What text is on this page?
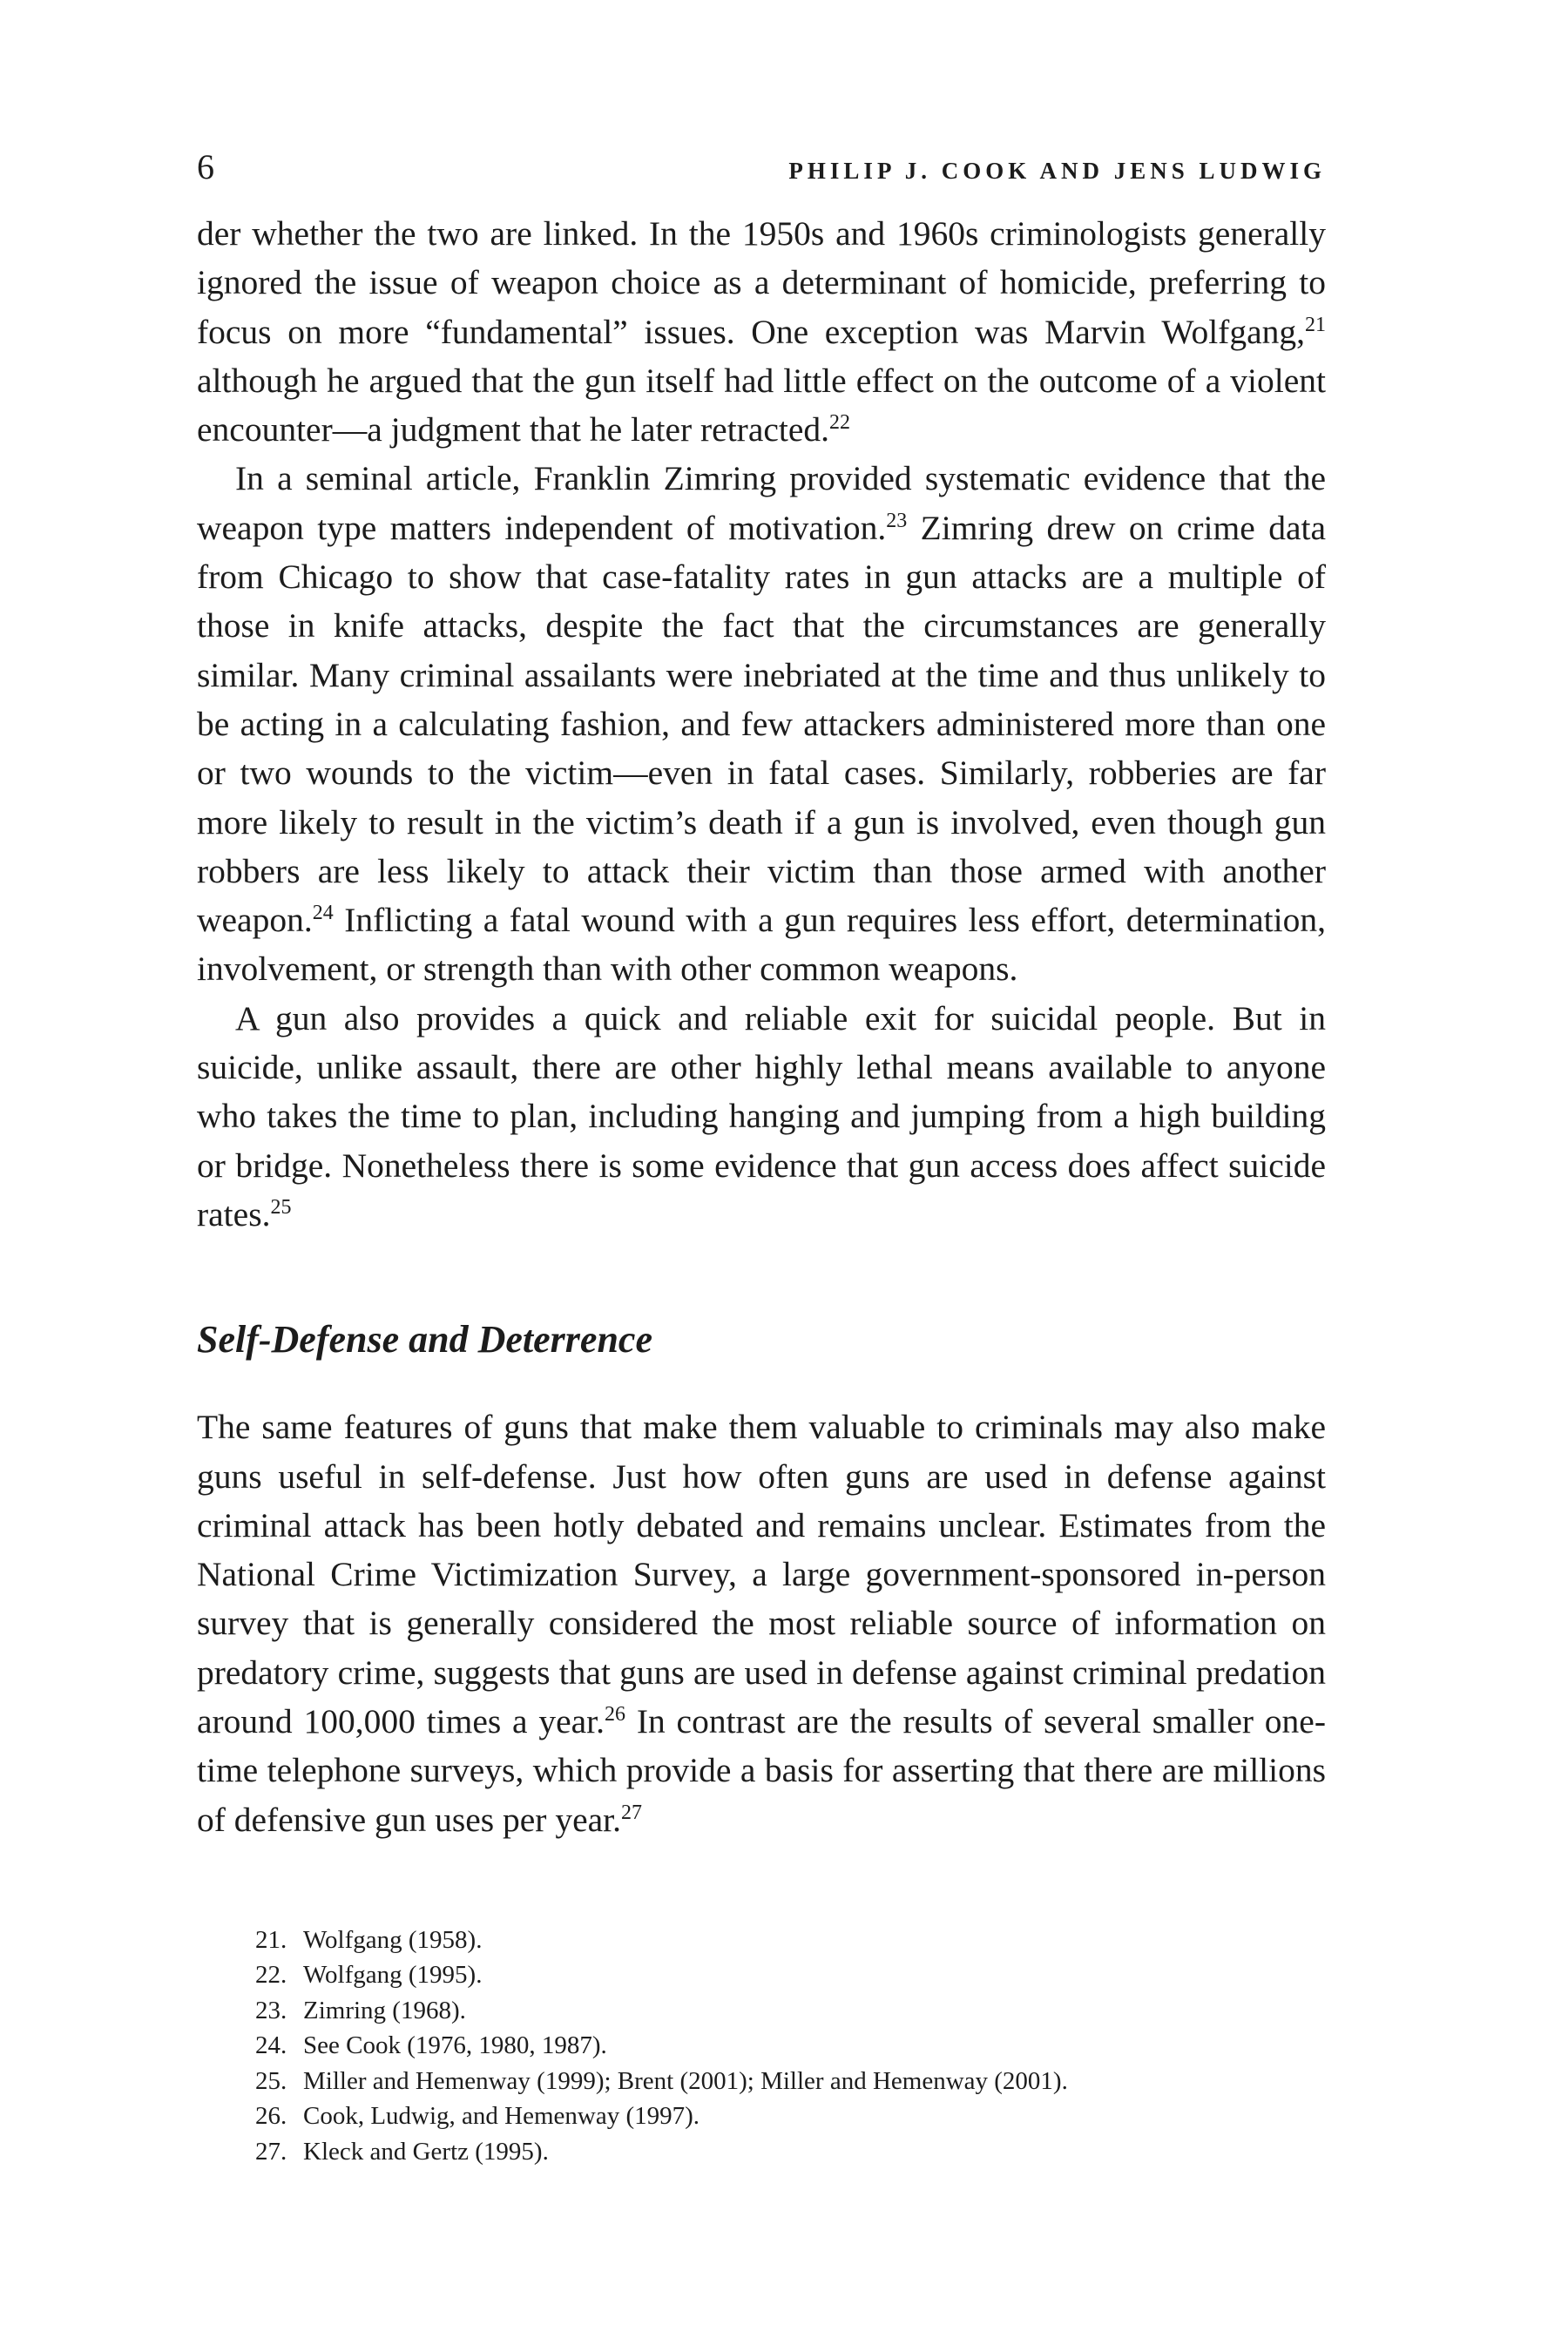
6	PHILIP J. COOK AND JENS LUDWIG

der whether the two are linked. In the 1950s and 1960s criminologists generally ignored the issue of weapon choice as a determinant of homicide, preferring to focus on more “fundamental” issues. One exception was Marvin Wolfgang,$^{21}$ although he argued that the gun itself had little effect on the outcome of a violent encounter—a judgment that he later retracted.$^{22}$

In a seminal article, Franklin Zimring provided systematic evidence that the weapon type matters independent of motivation.$^{23}$ Zimring drew on crime data from Chicago to show that case-fatality rates in gun attacks are a multiple of those in knife attacks, despite the fact that the circumstances are generally similar. Many criminal assailants were inebriated at the time and thus unlikely to be acting in a calculating fashion, and few attackers administered more than one or two wounds to the victim—even in fatal cases. Similarly, robberies are far more likely to result in the victim’s death if a gun is involved, even though gun robbers are less likely to attack their victim than those armed with another weapon.$^{24}$ Inflicting a fatal wound with a gun requires less effort, determination, involvement, or strength than with other common weapons.

A gun also provides a quick and reliable exit for suicidal people. But in suicide, unlike assault, there are other highly lethal means available to anyone who takes the time to plan, including hanging and jumping from a high building or bridge. Nonetheless there is some evidence that gun access does affect suicide rates.$^{25}$

Self-Defense and Deterrence

The same features of guns that make them valuable to criminals may also make guns useful in self-defense. Just how often guns are used in defense against criminal attack has been hotly debated and remains unclear. Estimates from the National Crime Victimization Survey, a large government-sponsored in-person survey that is generally considered the most reliable source of information on predatory crime, suggests that guns are used in defense against criminal predation around 100,000 times a year.$^{26}$ In contrast are the results of several smaller one-time telephone surveys, which provide a basis for asserting that there are millions of defensive gun uses per year.$^{27}$

21. Wolfgang (1958).
22. Wolfgang (1995).
23. Zimring (1968).
24. See Cook (1976, 1980, 1987).
25. Miller and Hemenway (1999); Brent (2001); Miller and Hemenway (2001).
26. Cook, Ludwig, and Hemenway (1997).
27. Kleck and Gertz (1995).
